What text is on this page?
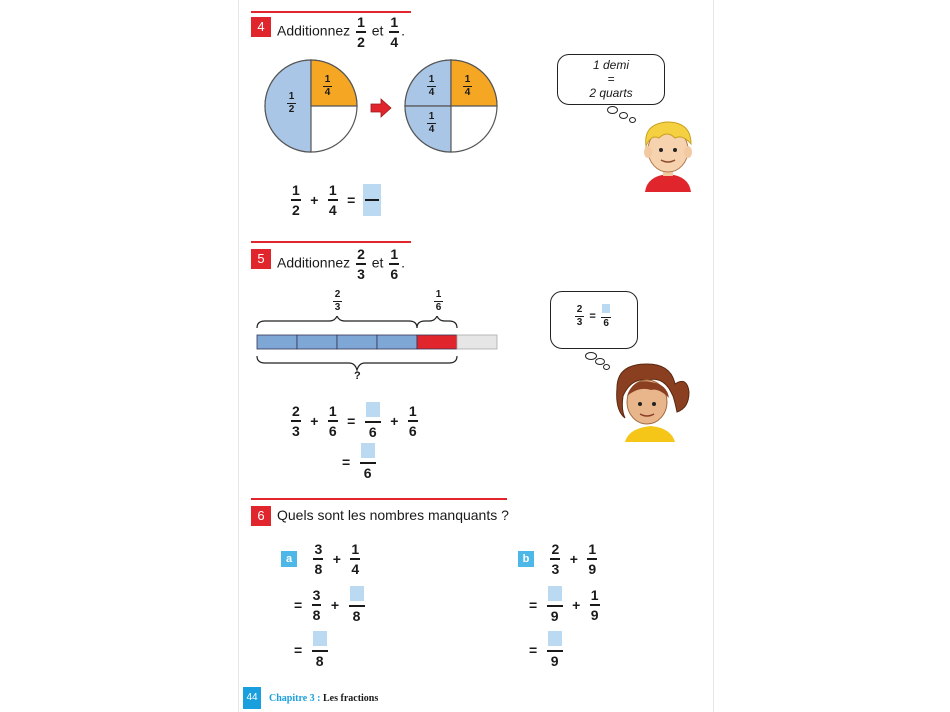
4 Additionnez $\frac{1}{2}$ et $\frac{1}{4}$ .
$\frac{1}{2}$
$\frac{1}{4}$	$\frac{1}{4}$	$\frac{1}{4}$
$\frac{1}{4}$
1 demi
=
2 quarts
$\frac{1}{2} + \frac{1}{4}$ =
5 Additionnez $\frac{2}{3}$ et $\frac{1}{6}$ .
$\frac{2}{3}$	$\frac{1}{6}$
?
$\frac{2}{3}$ =
6
$\frac{2}{3} + \frac{1}{6}$ =
6
+ $\frac{1}{6}$
=
6
6 Quels sont les nombres manquants ?
a $\frac{3}{8} + \frac{1}{4}$
= $\frac{3}{8}$ +
8
=
8
b $\frac{2}{3} + \frac{1}{9}$
=
9
+ $\frac{1}{9}$
=
9
44	Chapitre 3 : Les fractions
